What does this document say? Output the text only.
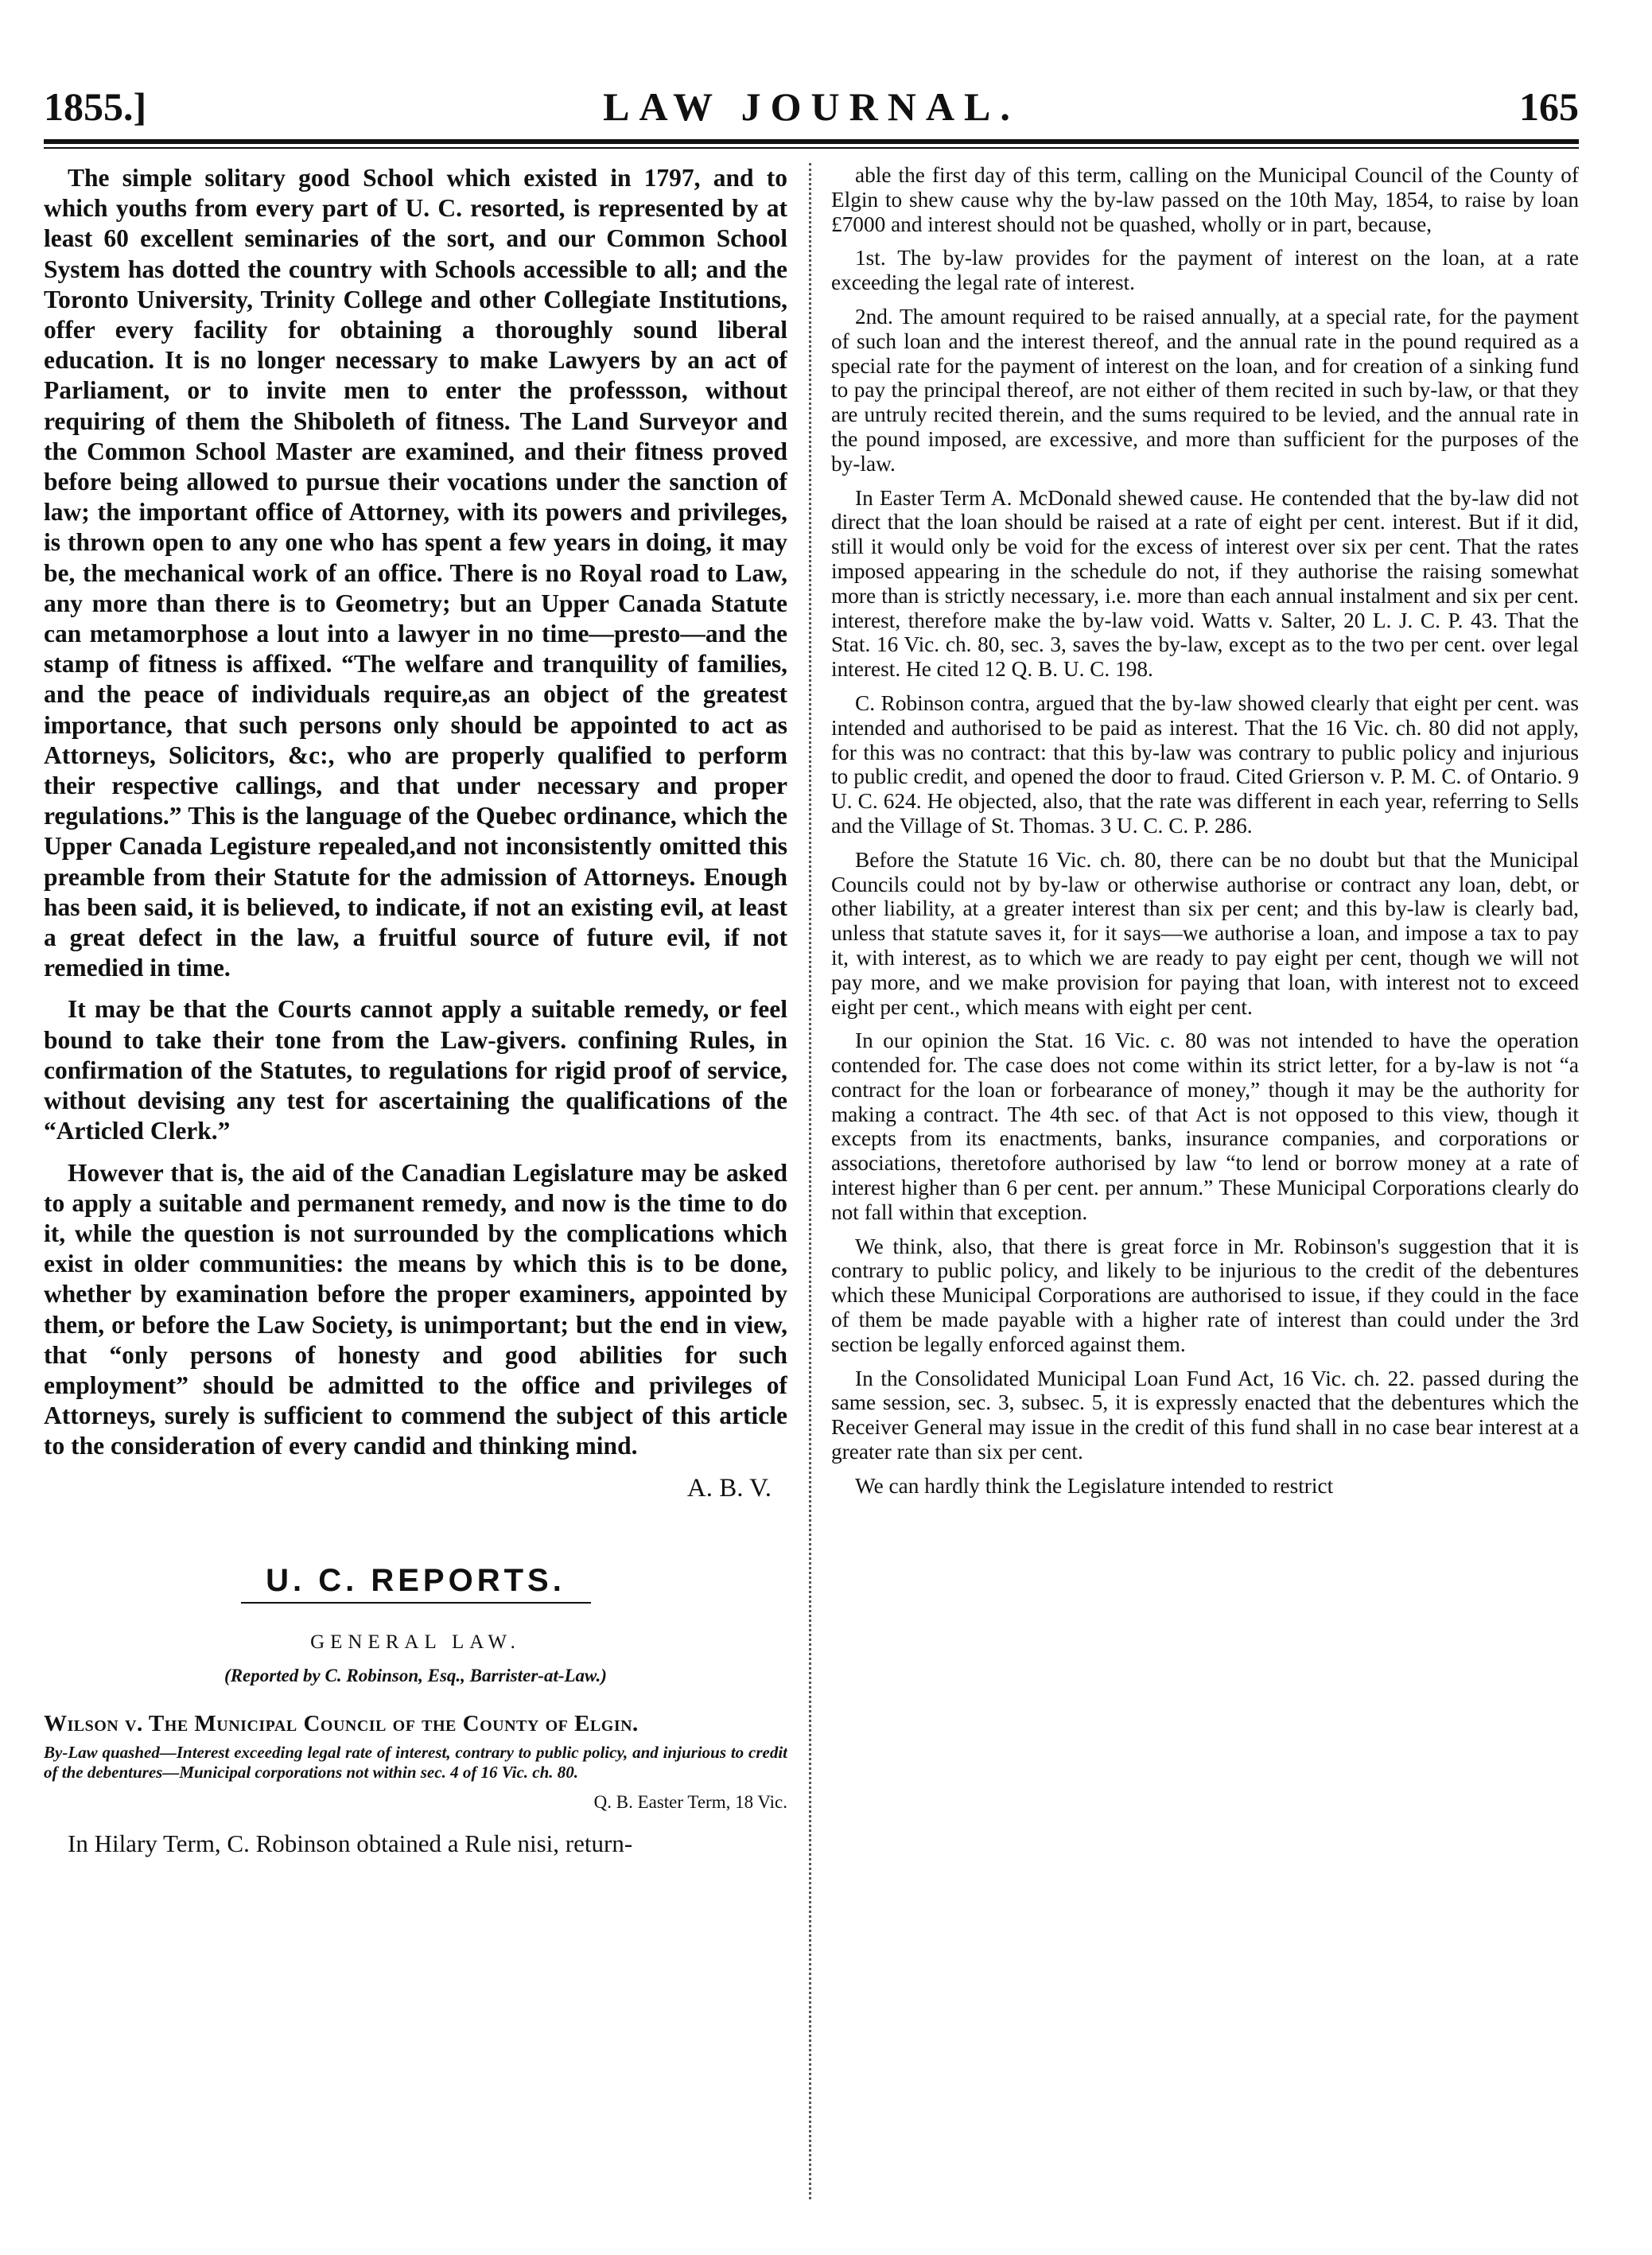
1855.]	LAW JOURNAL.	165

The simple solitary good School which existed in 1797, and to which youths from every part of U. C. resorted, is represented by at least 60 excellent seminaries of the sort, and our Common School System has dotted the country with Schools accessible to all; and the Toronto University, Trinity College and other Collegiate Institutions, offer every facility for obtaining a thoroughly sound liberal education. It is no longer necessary to make Lawyers by an act of Parliament, or to invite men to enter the professson, without requiring of them the Shiboleth of fitness. The Land Surveyor and the Common School Master are examined, and their fitness proved before being allowed to pursue their vocations under the sanction of law; the important office of Attorney, with its powers and privileges, is thrown open to any one who has spent a few years in doing, it may be, the mechanical work of an office. There is no Royal road to Law, any more than there is to Geometry; but an Upper Canada Statute can metamorphose a lout into a lawyer in no time—presto—and the stamp of fitness is affixed. “The welfare and tranquility of families, and the peace of individuals require,as an object of the greatest importance, that such persons only should be appointed to act as Attorneys, Solicitors, &c:, who are properly qualified to perform their respective callings, and that under necessary and proper regulations.” This is the language of the Quebec ordinance, which the Upper Canada Legisture repealed,and not inconsistently omitted this preamble from their Statute for the admission of Attorneys. Enough has been said, it is believed, to indicate, if not an existing evil, at least a great defect in the law, a fruitful source of future evil, if not remedied in time.

It may be that the Courts cannot apply a suitable remedy, or feel bound to take their tone from the Law-givers. confining Rules, in confirmation of the Statutes, to regulations for rigid proof of service, without devising any test for ascertaining the qualifications of the “Articled Clerk.”

However that is, the aid of the Canadian Legislature may be asked to apply a suitable and permanent remedy, and now is the time to do it, while the question is not surrounded by the complications which exist in older communities: the means by which this is to be done, whether by examination before the proper examiners, appointed by them, or before the Law Society, is unimportant; but the end in view, that “only persons of honesty and good abilities for such employment” should be admitted to the office and privileges of Attorneys, surely is sufficient to commend the subject of this article to the consideration of every candid and thinking mind.

A. B. V.
U. C. REPORTS.
GENERAL LAW.
(Reported by C. Robinson, Esq., Barrister-at-Law.)
Wilson v. The Municipal Council of the County of Elgin.
By-Law quashed—Interest exceeding legal rate of interest, contrary to public policy, and injurious to credit of the debentures—Municipal corporations not within sec. 4 of 16 Vic. ch. 80.
Q. B. Easter Term, 18 Vic.

In Hilary Term, C. Robinson obtained a Rule nisi, return-

able the first day of this term, calling on the Municipal Council of the County of Elgin to shew cause why the by-law passed on the 10th May, 1854, to raise by loan £7000 and interest should not be quashed, wholly or in part, because,

1st. The by-law provides for the payment of interest on the loan, at a rate exceeding the legal rate of interest.

2nd. The amount required to be raised annually, at a special rate, for the payment of such loan and the interest thereof, and the annual rate in the pound required as a special rate for the payment of interest on the loan, and for creation of a sinking fund to pay the principal thereof, are not either of them recited in such by-law, or that they are untruly recited therein, and the sums required to be levied, and the annual rate in the pound imposed, are excessive, and more than sufficient for the purposes of the by-law.

In Easter Term A. McDonald shewed cause. He contended that the by-law did not direct that the loan should be raised at a rate of eight per cent. interest. But if it did, still it would only be void for the excess of interest over six per cent. That the rates imposed appearing in the schedule do not, if they authorise the raising somewhat more than is strictly necessary, i.e. more than each annual instalment and six per cent. interest, therefore make the by-law void. Watts v. Salter, 20 L. J. C. P. 43. That the Stat. 16 Vic. ch. 80, sec. 3, saves the by-law, except as to the two per cent. over legal interest. He cited 12 Q. B. U. C. 198.

C. Robinson contra, argued that the by-law showed clearly that eight per cent. was intended and authorised to be paid as interest. That the 16 Vic. ch. 80 did not apply, for this was no contract: that this by-law was contrary to public policy and injurious to public credit, and opened the door to fraud. Cited Grierson v. P. M. C. of Ontario. 9 U. C. 624. He objected, also, that the rate was different in each year, referring to Sells and the Village of St. Thomas. 3 U. C. C. P. 286.

Before the Statute 16 Vic. ch. 80, there can be no doubt but that the Municipal Councils could not by by-law or otherwise authorise or contract any loan, debt, or other liability, at a greater interest than six per cent; and this by-law is clearly bad, unless that statute saves it, for it says—we authorise a loan, and impose a tax to pay it, with interest, as to which we are ready to pay eight per cent, though we will not pay more, and we make provision for paying that loan, with interest not to exceed eight per cent., which means with eight per cent.

In our opinion the Stat. 16 Vic. c. 80 was not intended to have the operation contended for. The case does not come within its strict letter, for a by-law is not “a contract for the loan or forbearance of money,” though it may be the authority for making a contract. The 4th sec. of that Act is not opposed to this view, though it excepts from its enactments, banks, insurance companies, and corporations or associations, theretofore authorised by law “to lend or borrow money at a rate of interest higher than 6 per cent. per annum.” These Municipal Corporations clearly do not fall within that exception.

We think, also, that there is great force in Mr. Robinson's suggestion that it is contrary to public policy, and likely to be injurious to the credit of the debentures which these Municipal Corporations are authorised to issue, if they could in the face of them be made payable with a higher rate of interest than could under the 3rd section be legally enforced against them.

In the Consolidated Municipal Loan Fund Act, 16 Vic. ch. 22. passed during the same session, sec. 3, subsec. 5, it is expressly enacted that the debentures which the Receiver General may issue in the credit of this fund shall in no case bear interest at a greater rate than six per cent.

We can hardly think the Legislature intended to restrict
